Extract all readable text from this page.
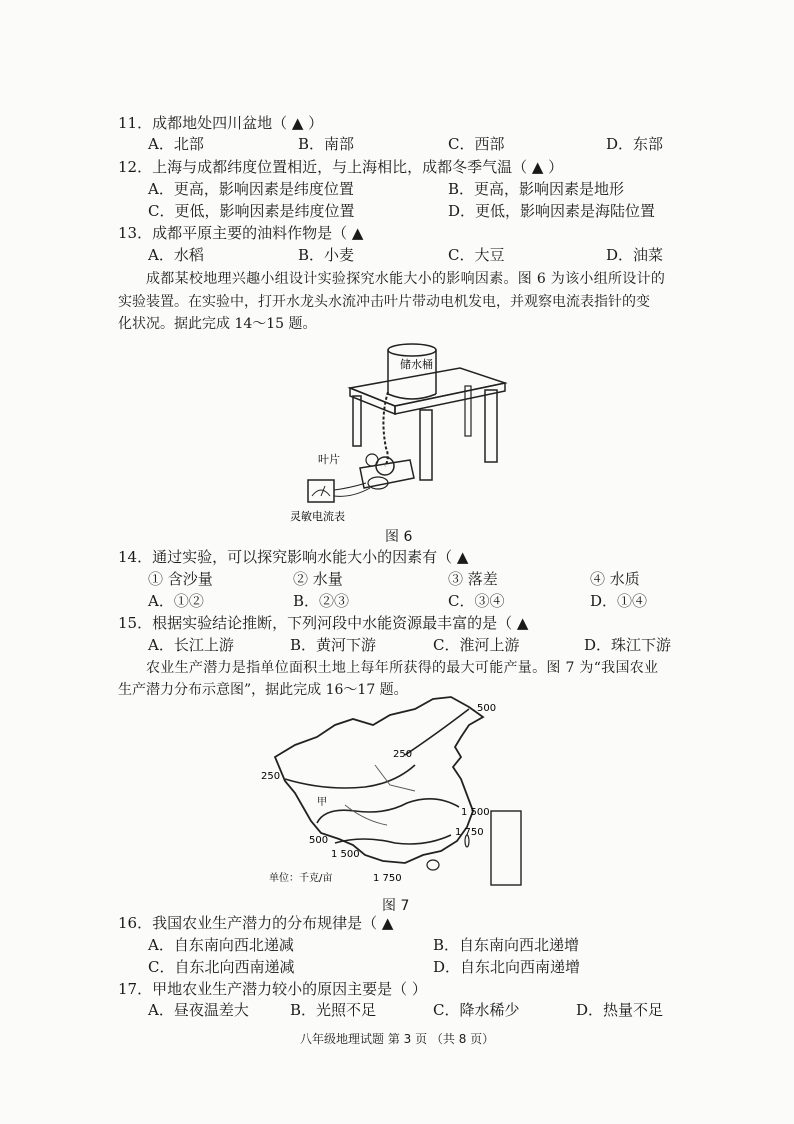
11．成都地处四川盆地（ ▲ ）
A．北部	B．南部	C．西部	D．东部
12．上海与成都纬度位置相近，与上海相比，成都冬季气温（ ▲ ）
A．更高，影响因素是纬度位置	B．更高，影响因素是地形
C．更低，影响因素是纬度位置	D．更低，影响因素是海陆位置
13．成都平原主要的油料作物是（ ▲
A．水稻	B．小麦	C．大豆	D．油菜
成都某校地理兴趣小组设计实验探究水能大小的影响因素。图 6 为该小组所设计的
实验装置。在实验中，打开水龙头水流冲击叶片带动电机发电，并观察电流表指针的变
化状况。据此完成 14～15 题。
储水桶
叶片
灵敏电流表
图 6
14．通过实验，可以探究影响水能大小的因素有（ ▲
① 含沙量	② 水量	③ 落差	④ 水质
A．①②	B．②③	C．③④	D．①④
15．根据实验结论推断，下列河段中水能资源最丰富的是（ ▲
A．长江上游	B．黄河下游	C．淮河上游	D．珠江下游
农业生产潜力是指单位面积土地上每年所获得的最大可能产量。图 7 为“我国农业
生产潜力分布示意图”，据此完成 16～17 题。
500
250
250
甲
1 500
500
1 750
1 500
1 750
单位：千克/亩
图 7
16．我国农业生产潜力的分布规律是（ ▲
A．自东南向西北递减	B．自东南向西北递增
C．自东北向西南递减	D．自东北向西南递增
17．甲地农业生产潜力较小的原因主要是（ ）
A．昼夜温差大	B．光照不足	C．降水稀少	D．热量不足
八年级地理试题 第 3 页 （共 8 页）
